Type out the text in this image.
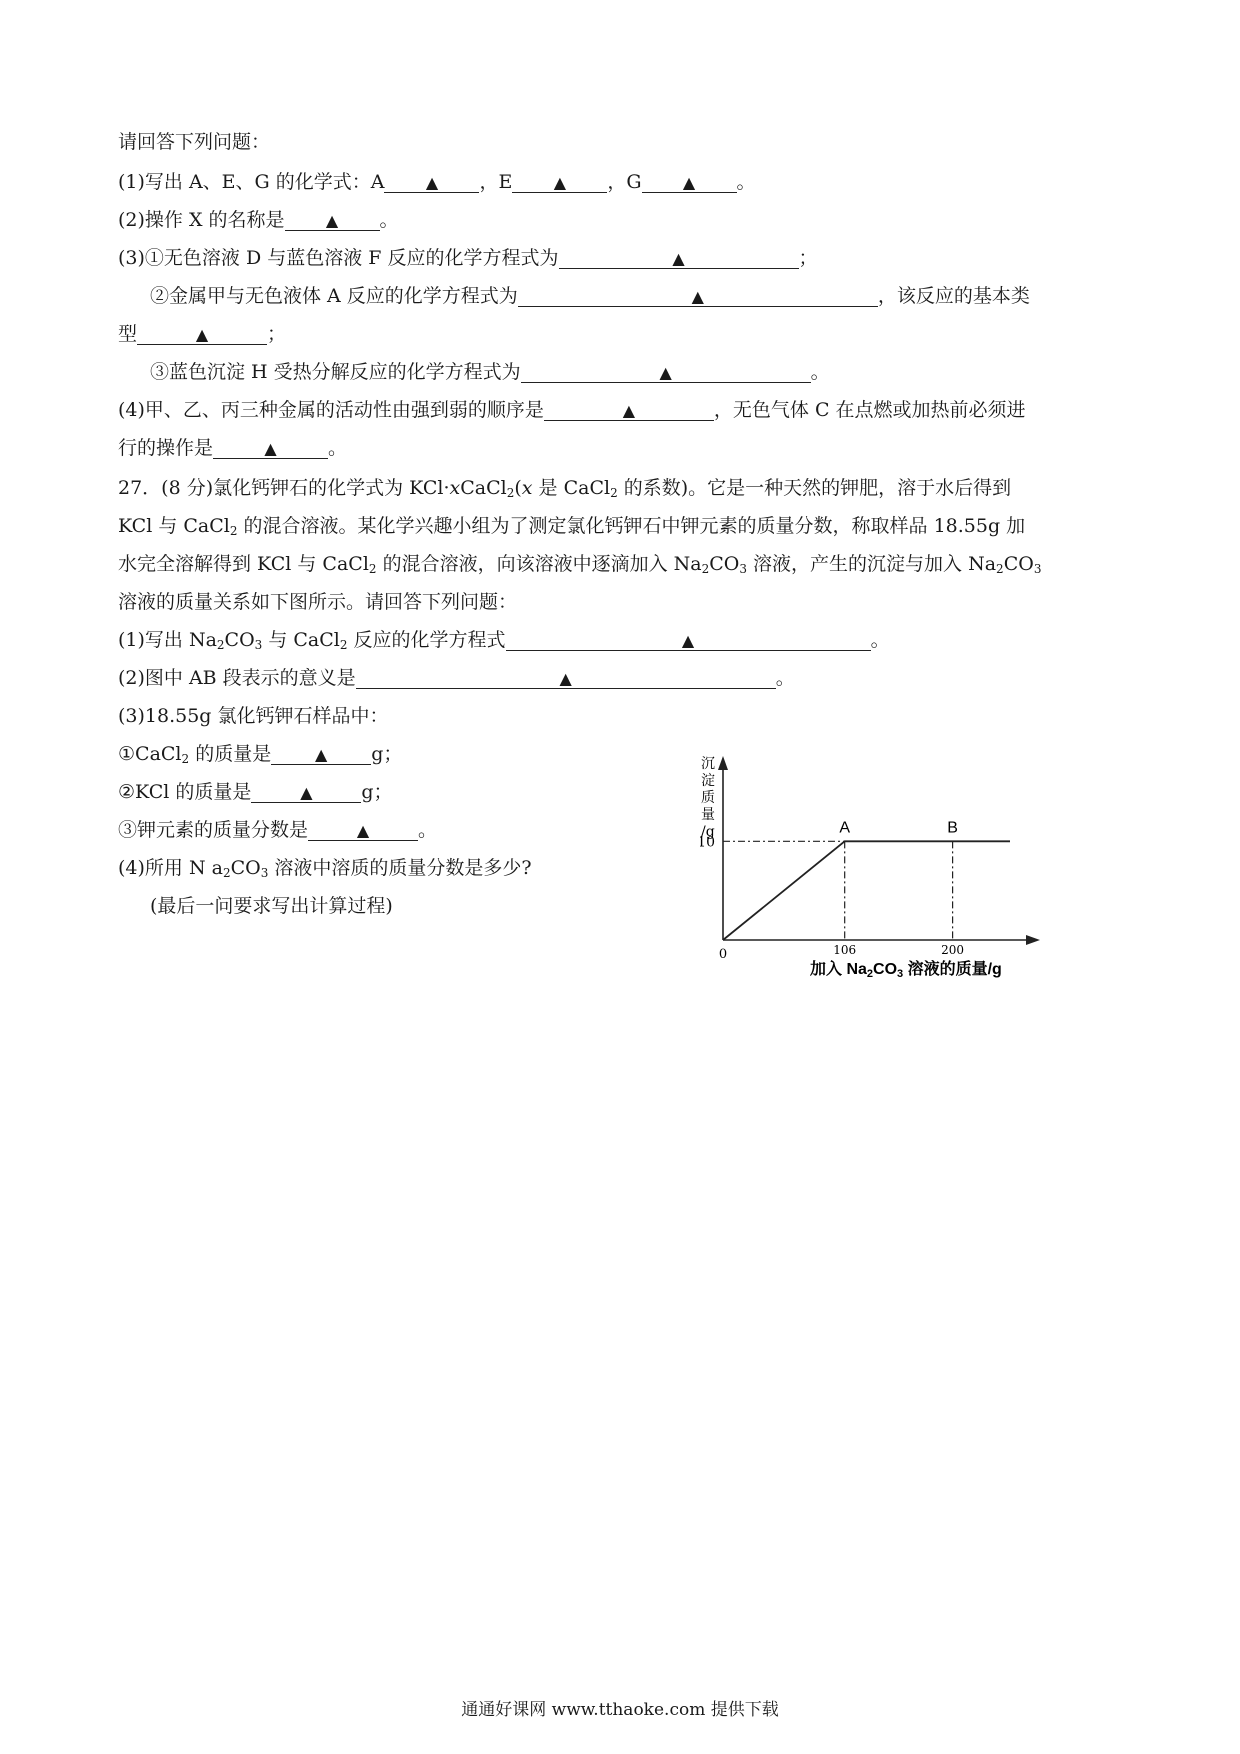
请回答下列问题：
(1)写出 A、E、G 的化学式：A	▲ ，E	▲ ，G	▲ 。
(2)操作 X 的名称是	▲ 。
(3)①无色溶液 D 与蓝色溶液 F 反应的化学方程式为	▲	；
②金属甲与无色液体 A 反应的化学方程式为	▲	，该反应的基本类
型	▲	；
③蓝色沉淀 H 受热分解反应的化学方程式为	▲	。
(4)甲、乙、丙三种金属的活动性由强到弱的顺序是	▲	，无色气体 C 在点燃或加热前必须进
行的操作是	▲	。
27．(8 分)氯化钙钾石的化学式为 KCl·xCaCl$_2$(x 是 CaCl$_2$ 的系数)。它是一种天然的钾肥，溶于水后得到
KCl 与 CaCl$_2$ 的混合溶液。某化学兴趣小组为了测定氯化钙钾石中钾元素的质量分数，称取样品 18.55g 加
水完全溶解得到 KCl 与 CaCl$_2$ 的混合溶液，向该溶液中逐滴加入 $Na_2CO_3$ 溶液，产生的沉淀与加入 $Na_2CO_3$
溶液的质量关系如下图所示。请回答下列问题：
(1)写出 $Na_2CO_3$ 与 CaCl$_2$ 反应的化学方程式	▲	。
(2)图中 AB 段表示的意义是	▲	。
(3)18.55g 氯化钙钾石样品中：
①CaCl$_2$ 的质量是	▲ g；
②KCl 的质量是	▲	g；
③钾元素的质量分数是	▲	。
(4)所用 N $a_2CO_3$ 溶液中溶质的质量分数是多少?
(最后一问要求写出计算过程)
沉
淀
质
量
/g
0
10
106	200
A	B
加入 Na2CO3 溶液的质量/g
通通好课网 www.tthaoke.com 提供下载
